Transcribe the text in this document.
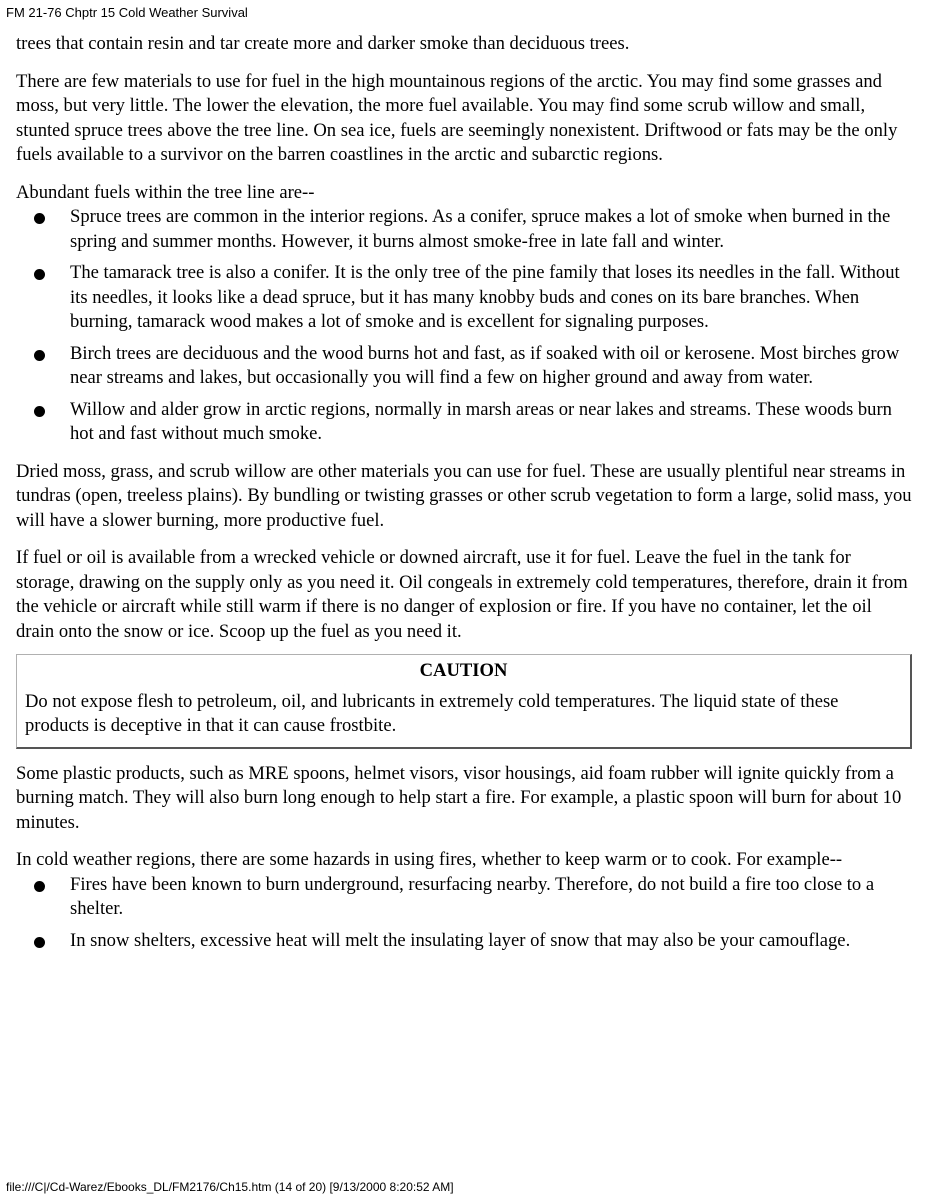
FM 21-76 Chptr 15 Cold Weather Survival

trees that contain resin and tar create more and darker smoke than deciduous trees.

There are few materials to use for fuel in the high mountainous regions of the arctic. You may find some grasses and moss, but very little. The lower the elevation, the more fuel available. You may find some scrub willow and small, stunted spruce trees above the tree line. On sea ice, fuels are seemingly nonexistent. Driftwood or fats may be the only fuels available to a survivor on the barren coastlines in the arctic and subarctic regions.

Abundant fuels within the tree line are--

Spruce trees are common in the interior regions. As a conifer, spruce makes a lot of smoke when burned in the spring and summer months. However, it burns almost smoke-free in late fall and winter.
The tamarack tree is also a conifer. It is the only tree of the pine family that loses its needles in the fall. Without its needles, it looks like a dead spruce, but it has many knobby buds and cones on its bare branches. When burning, tamarack wood makes a lot of smoke and is excellent for signaling purposes.
Birch trees are deciduous and the wood burns hot and fast, as if soaked with oil or kerosene. Most birches grow near streams and lakes, but occasionally you will find a few on higher ground and away from water.
Willow and alder grow in arctic regions, normally in marsh areas or near lakes and streams. These woods burn hot and fast without much smoke.

Dried moss, grass, and scrub willow are other materials you can use for fuel. These are usually plentiful near streams in tundras (open, treeless plains). By bundling or twisting grasses or other scrub vegetation to form a large, solid mass, you will have a slower burning, more productive fuel.

If fuel or oil is available from a wrecked vehicle or downed aircraft, use it for fuel. Leave the fuel in the tank for storage, drawing on the supply only as you need it. Oil congeals in extremely cold temperatures, therefore, drain it from the vehicle or aircraft while still warm if there is no danger of explosion or fire. If you have no container, let the oil drain onto the snow or ice. Scoop up the fuel as you need it.

CAUTION

Do not expose flesh to petroleum, oil, and lubricants in extremely cold temperatures. The liquid state of these products is deceptive in that it can cause frostbite.

Some plastic products, such as MRE spoons, helmet visors, visor housings, aid foam rubber will ignite quickly from a burning match. They will also burn long enough to help start a fire. For example, a plastic spoon will burn for about 10 minutes.

In cold weather regions, there are some hazards in using fires, whether to keep warm or to cook. For example--

Fires have been known to burn underground, resurfacing nearby. Therefore, do not build a fire too close to a shelter.
In snow shelters, excessive heat will melt the insulating layer of snow that may also be your camouflage.
file:///C|/Cd-Warez/Ebooks_DL/FM2176/Ch15.htm (14 of 20) [9/13/2000 8:20:52 AM]
